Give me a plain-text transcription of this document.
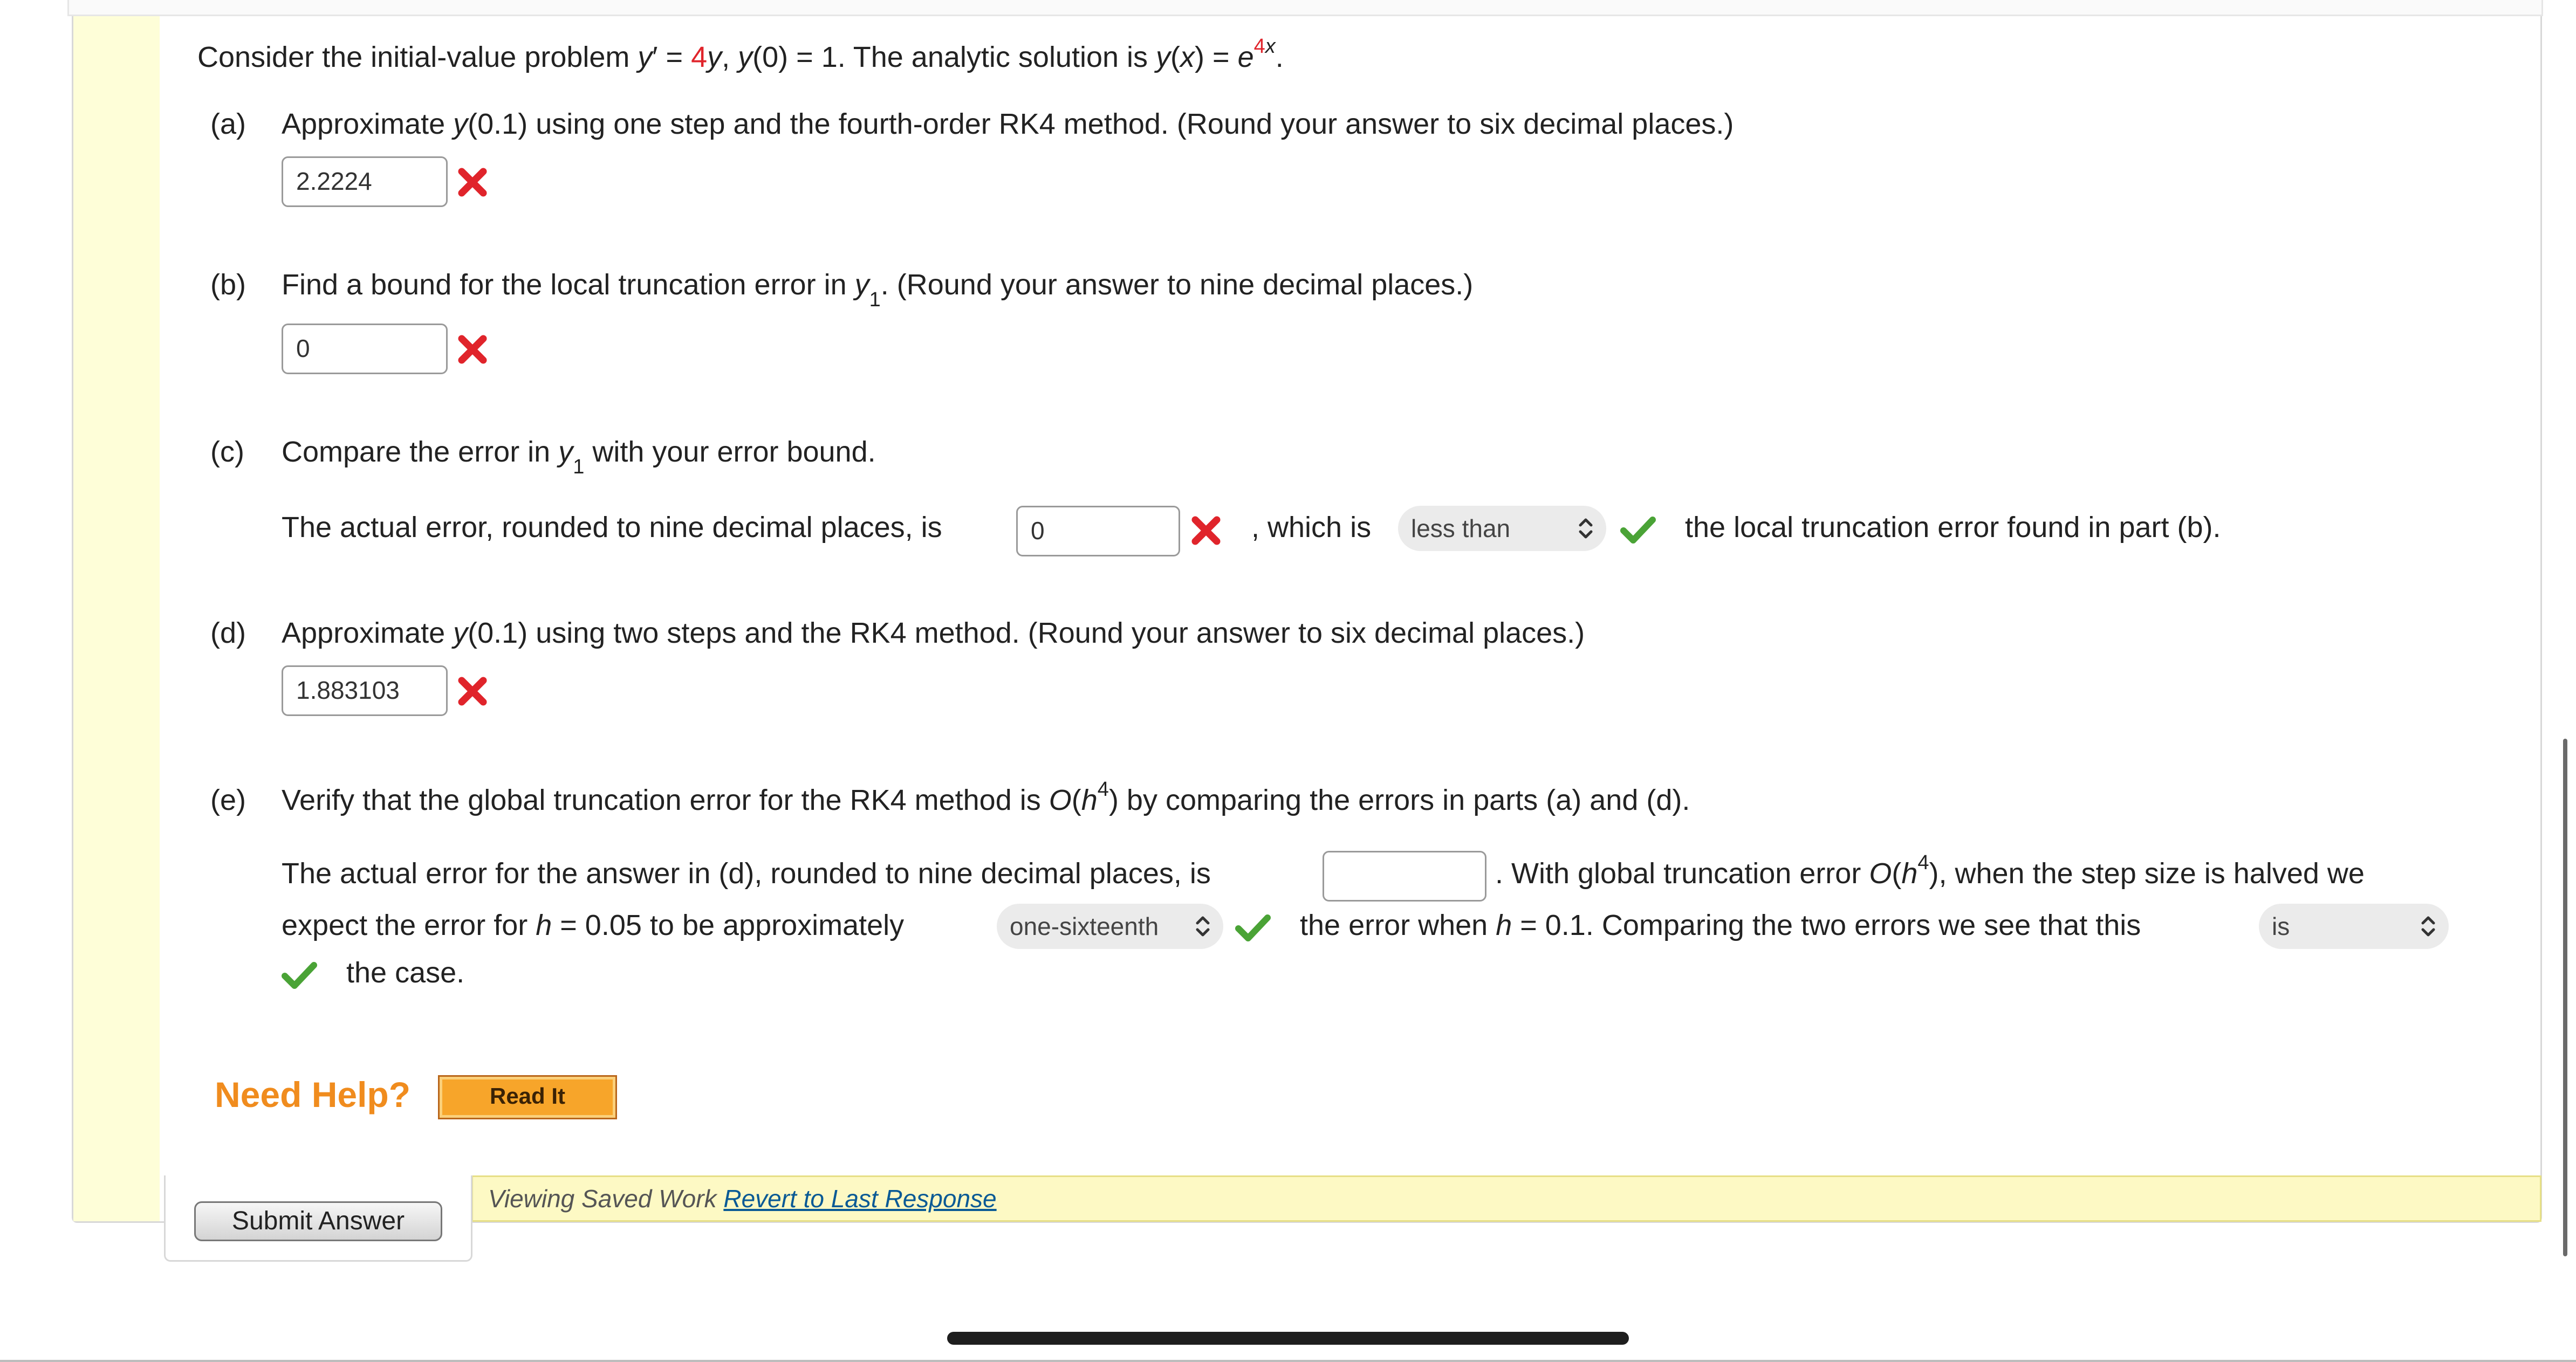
Consider the initial-value problem y′ = 4y, y(0) = 1. The analytic solution is $y(x) = e^{4x}$.
(a) Approximate y(0.1) using one step and the fourth-order RK4 method. (Round your answer to six decimal places.)
2.2224
(b) Find a bound for the local truncation error in $y_1$. (Round your answer to nine decimal places.)
0
(c) Compare the error in $y_1$ with your error bound.
The actual error, rounded to nine decimal places, is	0	, which is	less than	the local truncation error found in part (b).
(d) Approximate y(0.1) using two steps and the RK4 method. (Round your answer to six decimal places.)
1.883103
(e) Verify that the global truncation error for the RK4 method is $O(h^4)$ by comparing the errors in parts (a) and (d).
The actual error for the answer in (d), rounded to nine decimal places, is	. With global truncation error $O(h^4)$, when the step size is halved we
expect the error for h = 0.05 to be approximately	one-sixteenth	the error when h = 0.1. Comparing the two errors we see that this	is
the case.
Need Help?	Read It
Viewing Saved Work Revert to Last Response
Submit Answer
